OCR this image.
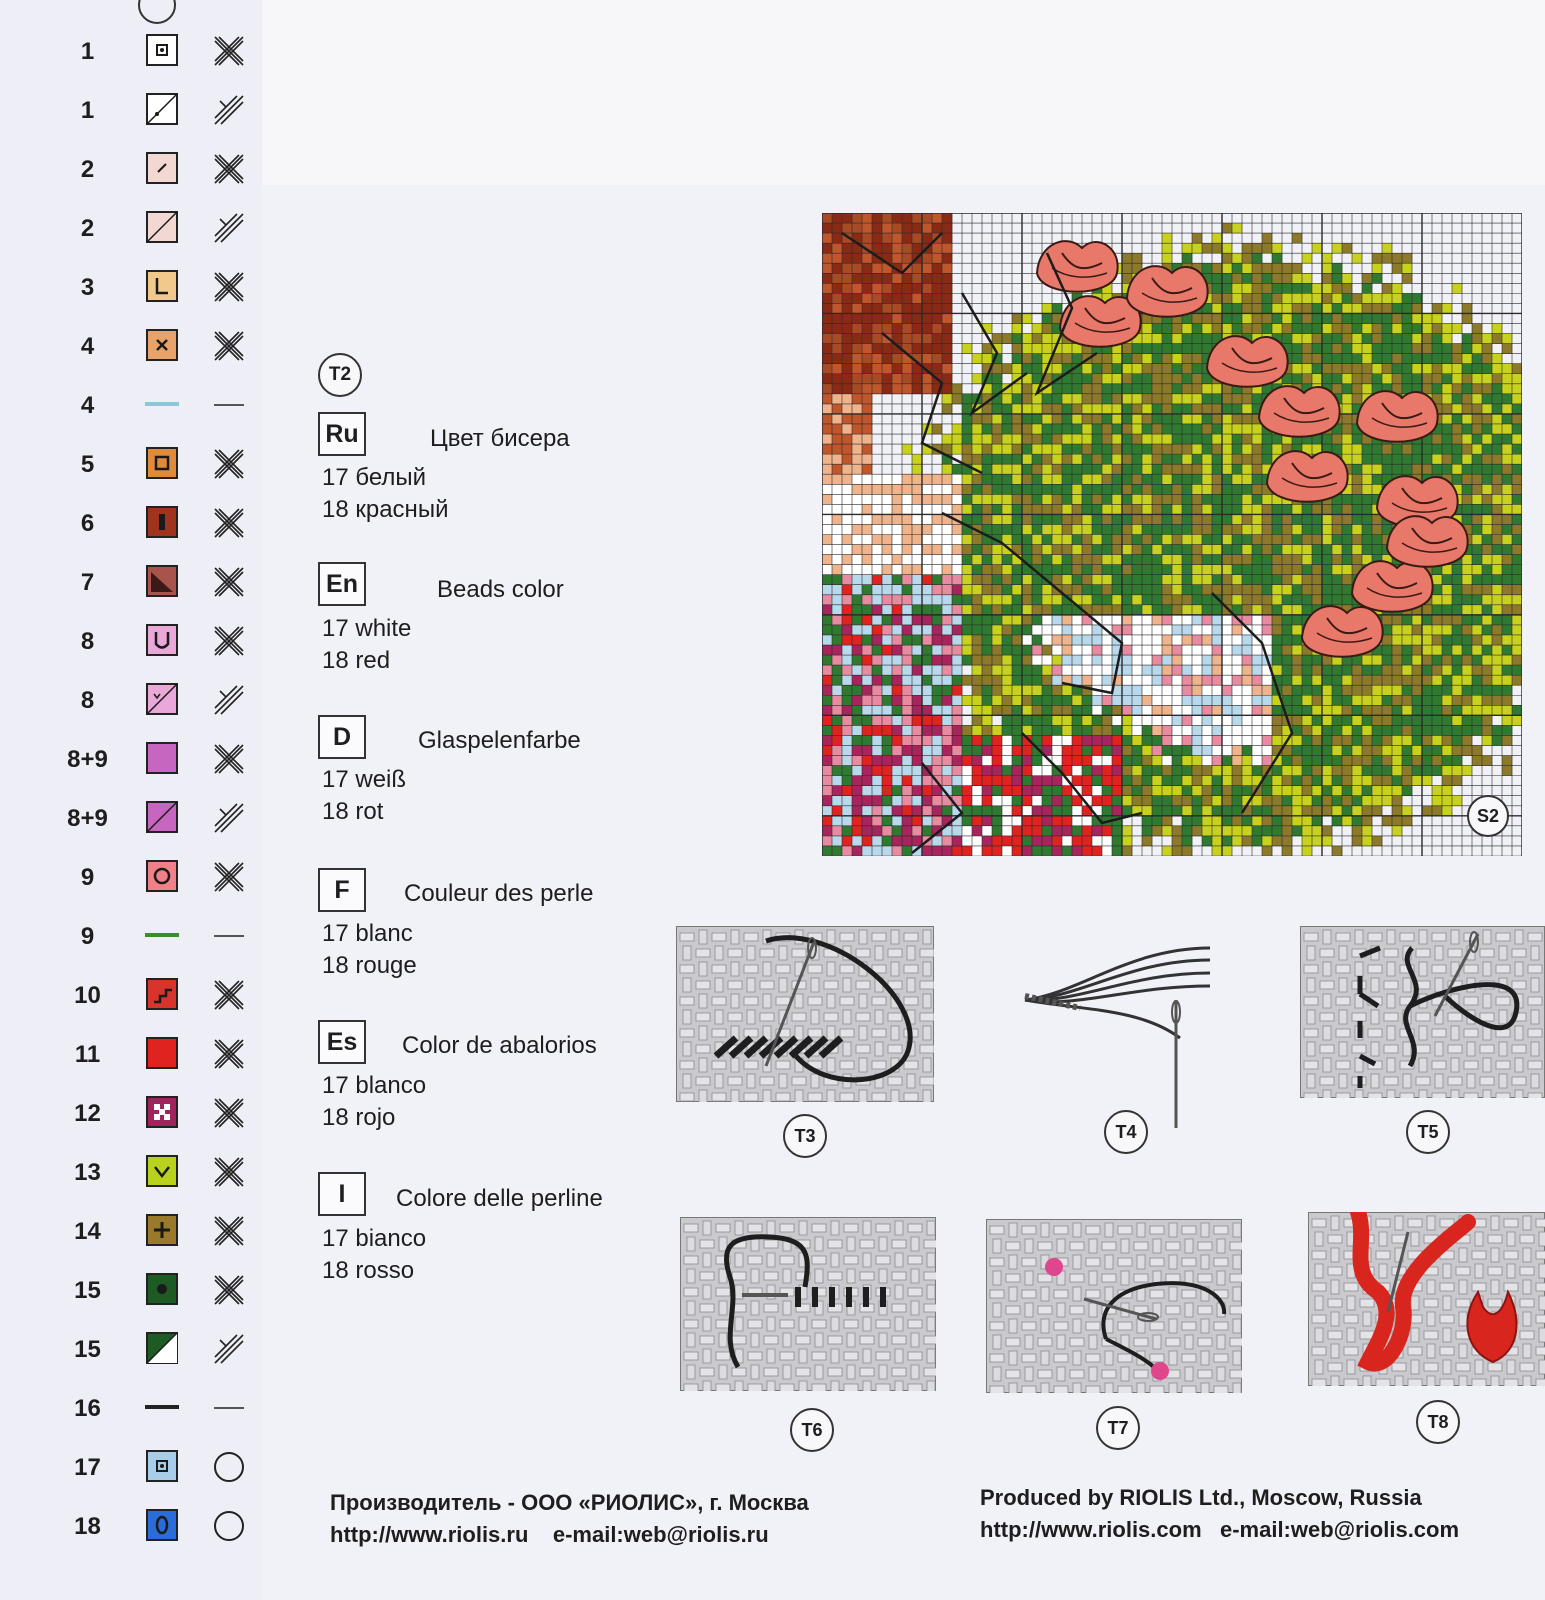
1
1
2
2
3
4
4
5
6
7
8
8
8+9
8+9
9
9
10
11
12
13
14
15
15
16
17
18
T2
Ru	Цвет бисера
17 белый
18 красный
En	Beads color
17 white
18 red
D	Glaspelenfarbe
17 weiß
18 rot
F	Couleur des perle
17 blanc
18 rouge
Es	Color de abalorios
17 blanco
18 rojo
I	Colore delle perline
17 bianco
18 rosso
S2
T3	T4	T5
T6	T7	T8
Производитель - ООО «РИОЛИС», г. Москва
http://www.riolis.ru    e-mail:web@riolis.ru
Produced by RIOLIS Ltd., Moscow, Russia
http://www.riolis.com   e-mail:web@riolis.com
